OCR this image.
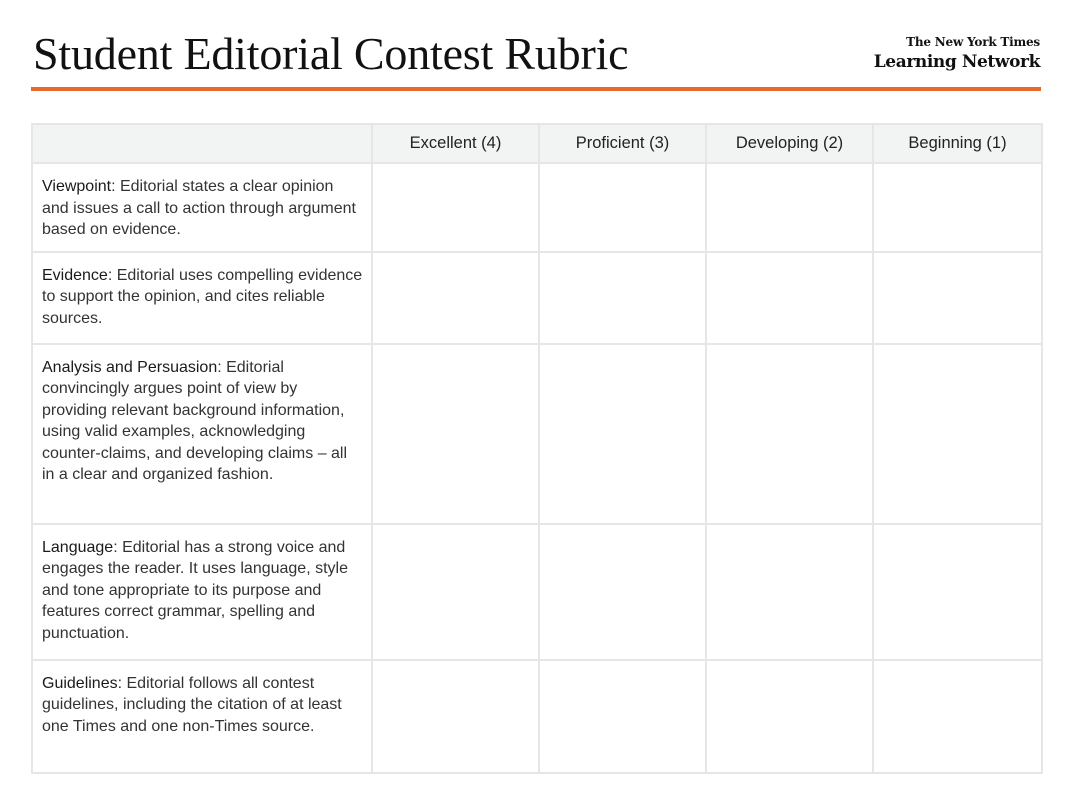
Student Editorial Contest Rubric	The New York Times
Learning Network
	Excellent (4)	Proficient (3)	Developing (2)	Beginning (1)
Viewpoint: Editorial states a clear opinion and issues a call to action through argument based on evidence.				
Evidence: Editorial uses compelling evidence to support the opinion, and cites reliable sources.				
Analysis and Persuasion: Editorial convincingly argues point of view by providing relevant background information, using valid examples, acknowledging counter-claims, and developing claims – all in a clear and organized fashion.				
Language: Editorial has a strong voice and engages the reader. It uses language, style and tone appropriate to its purpose and features correct grammar, spelling and punctuation.				
Guidelines: Editorial follows all contest guidelines, including the citation of at least one Times and one non-Times source.				
